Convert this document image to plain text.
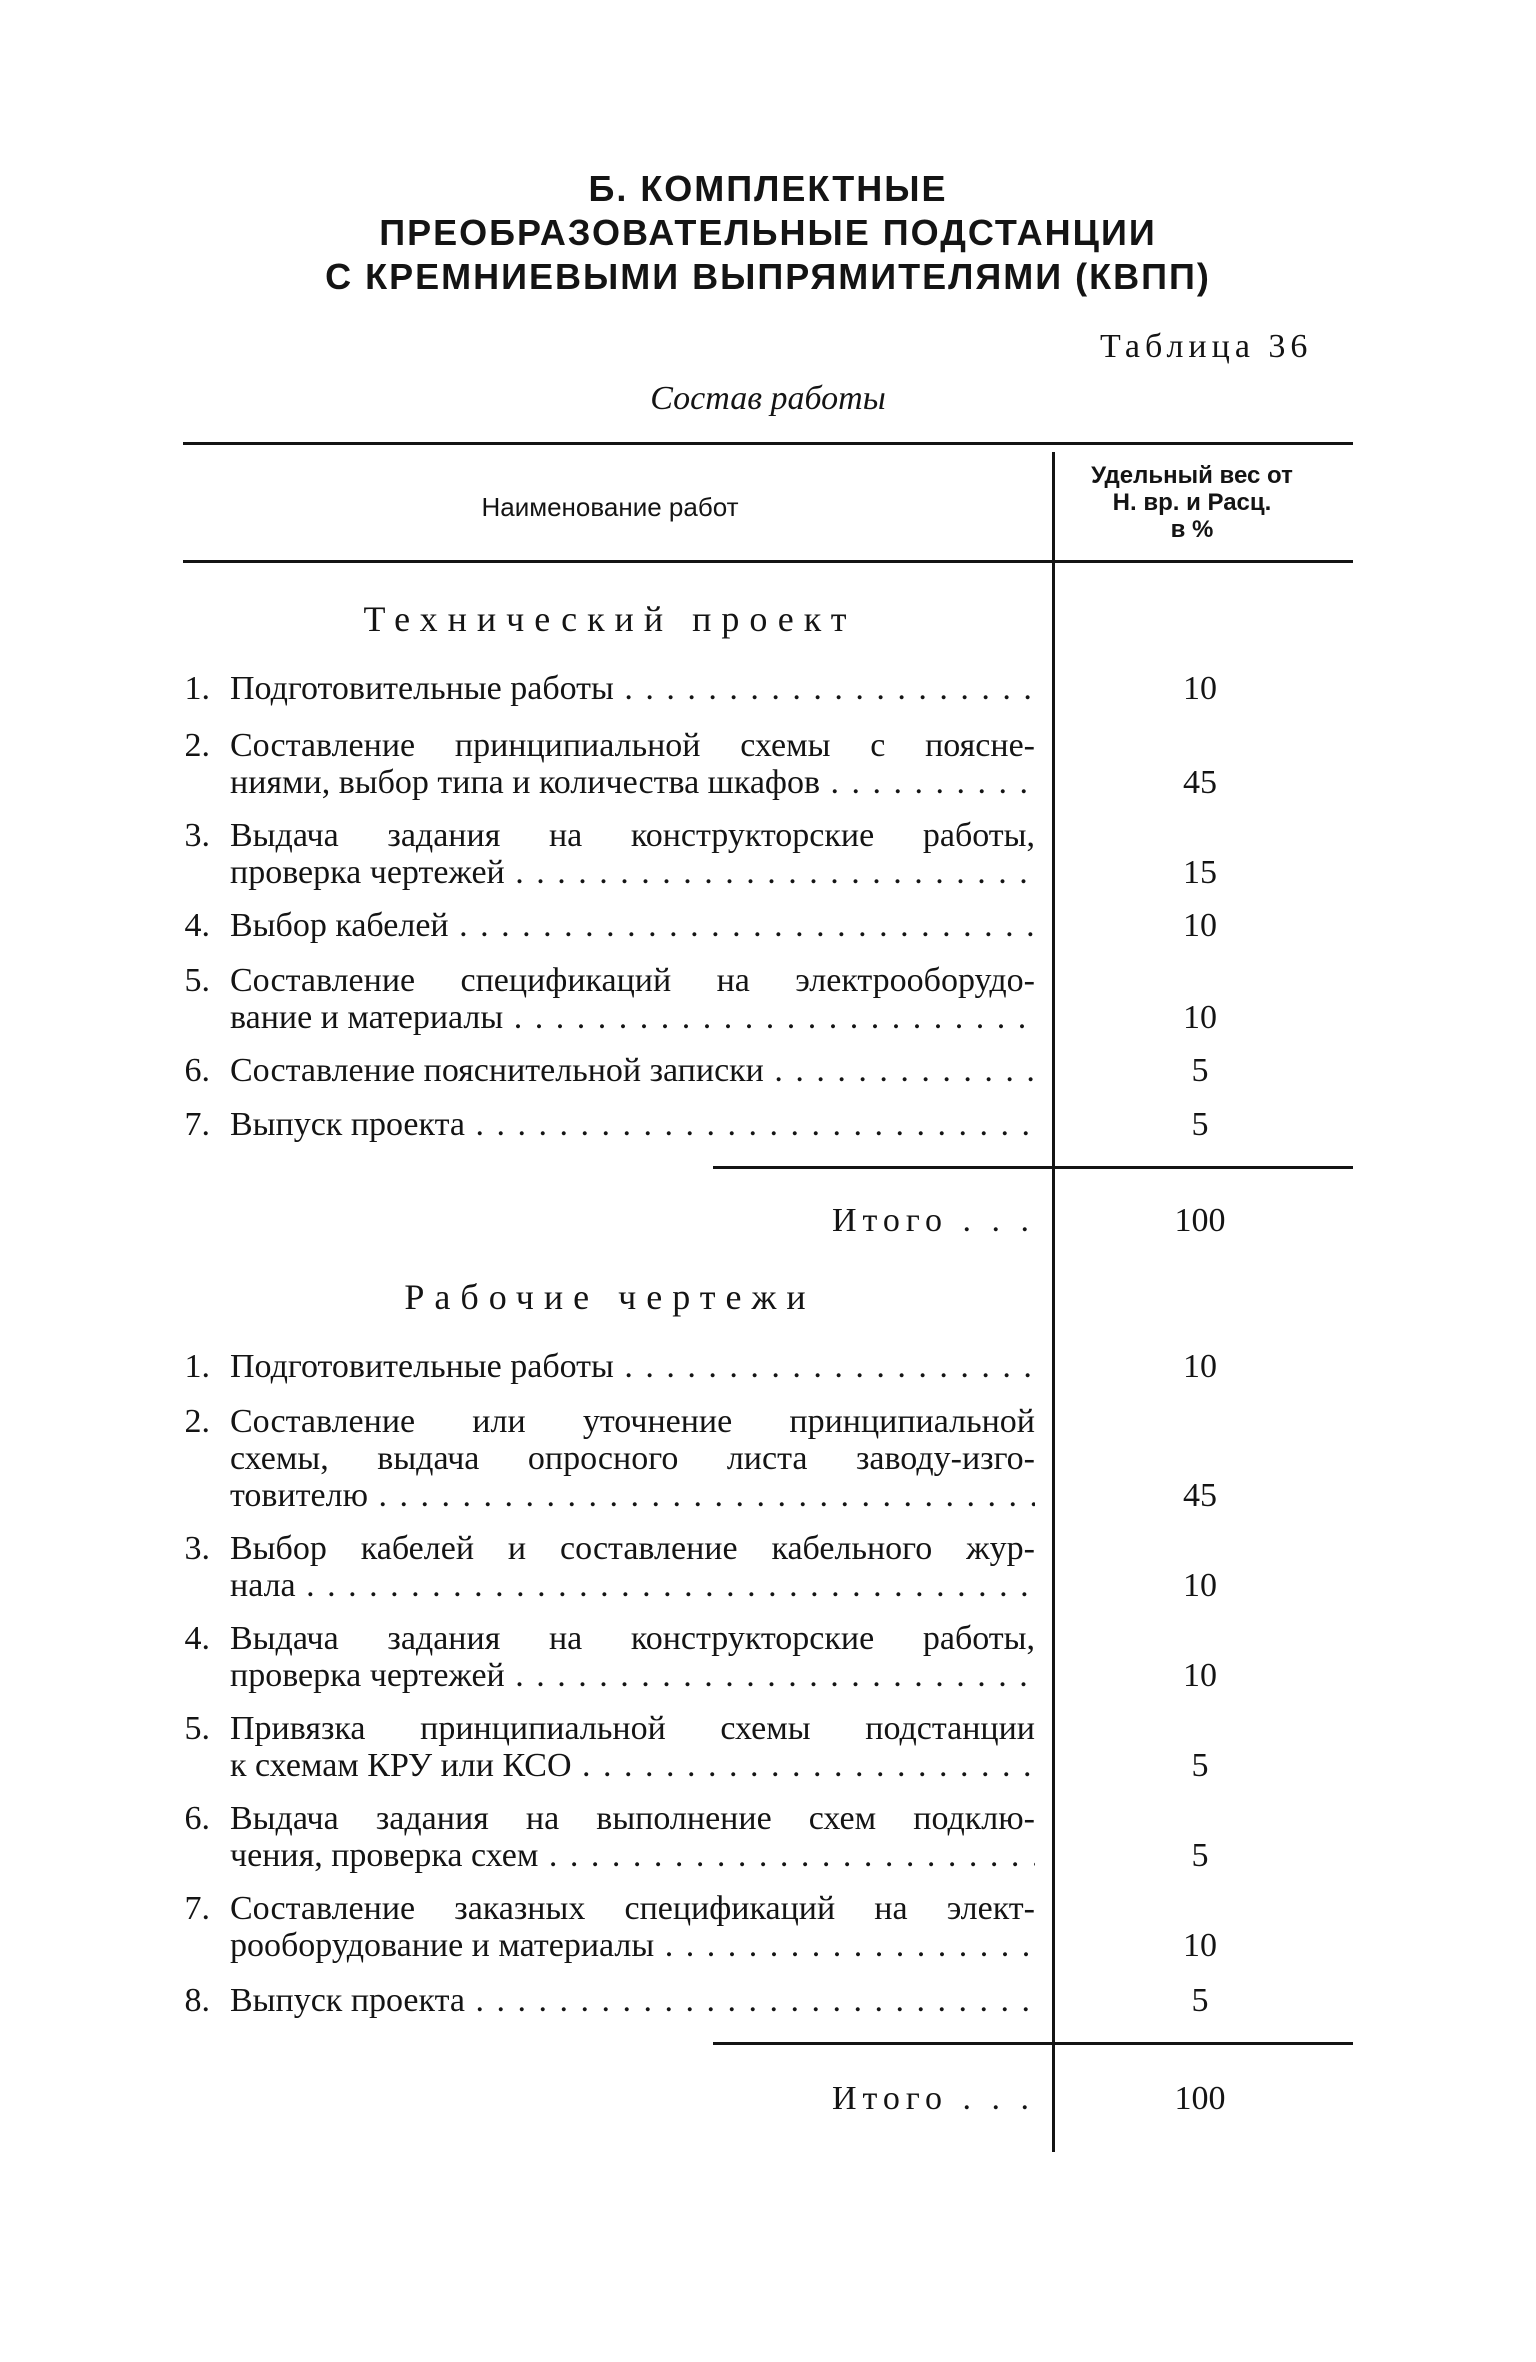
Б. КОМПЛЕКТНЫЕ
ПРЕОБРАЗОВАТЕЛЬНЫЕ ПОДСТАНЦИИ
С КРЕМНИЕВЫМИ ВЫПРЯМИТЕЛЯМИ (КВПП)
Таблица 36
Состав работы
Наименование работ
Удельный вес от
Н. вр. и Расц.
в %
Технический проект
1. Подготовительные работы . . .	10
2. Составление принципиальной схемы с поясне-
ниями, выбор типа и количества шкафов . . .	45
3. Выдача задания на конструкторские работы,
проверка чертежей . . .	15
4. Выбор кабелей . . .	10
5. Составление спецификаций на электрооборудо-
вание и материалы . . .	10
6. Составление пояснительной записки . . .	5
7. Выпуск проекта . . .	5
Итого . . .	100
Рабочие чертежи
1. Подготовительные работы . . .	10
2. Составление или уточнение принципиальной
схемы, выдача опросного листа заводу-изго-
товителю . . .	45
3. Выбор кабелей и составление кабельного жур-
нала . . .	10
4. Выдача задания на конструкторские работы,
проверка чертежей . . .	10
5. Привязка принципиальной схемы подстанции
к схемам КРУ или КСО . . .	5
6. Выдача задания на выполнение схем подклю-
чения, проверка схем . . .	5
7. Составление заказных спецификаций на элект-
рооборудование и материалы . . .	10
8. Выпуск проекта . . .	5
Итого . . .	100
